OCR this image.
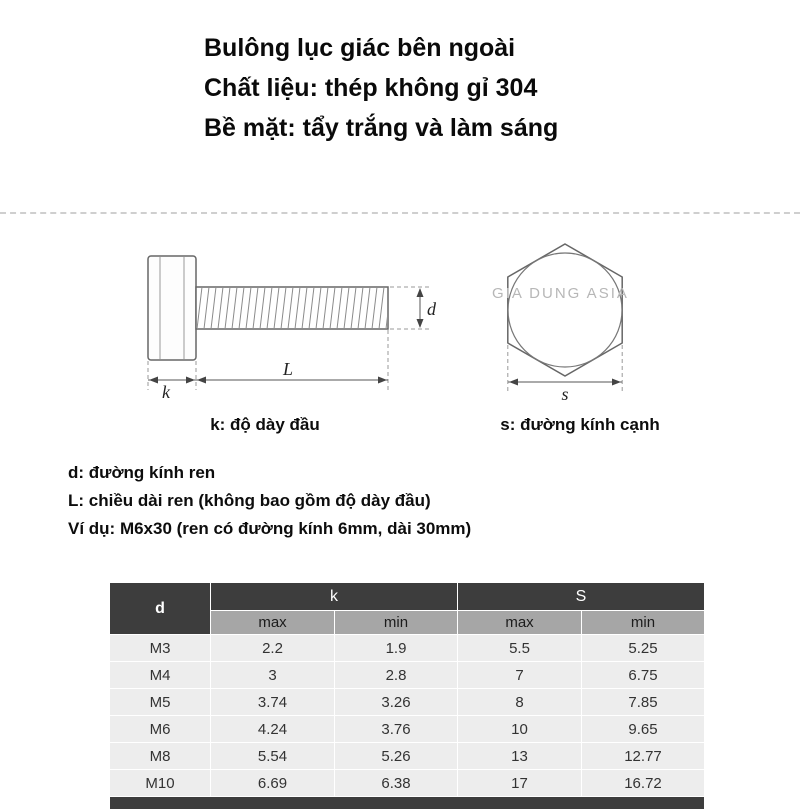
Bulông lục giác bên ngoài
Chất liệu: thép không gỉ 304
Bề mặt: tẩy trắng và làm sáng
d
k
L
s
GIA DUNG ASIA
k: độ dày đầu	s: đường kính cạnh
d: đường kính ren
L: chiều dài ren (không bao gồm độ dày đầu)
Ví dụ: M6x30 (ren có đường kính 6mm, dài 30mm)
d
k	S
max	min	max	min
M3	2.2	1.9	5.5	5.25
M4	3	2.8	7	6.75
M5	3.74	3.26	8	7.85
M6	4.24	3.76	10	9.65
M8	5.54	5.26	13	12.77
M10	6.69	6.38	17	16.72
